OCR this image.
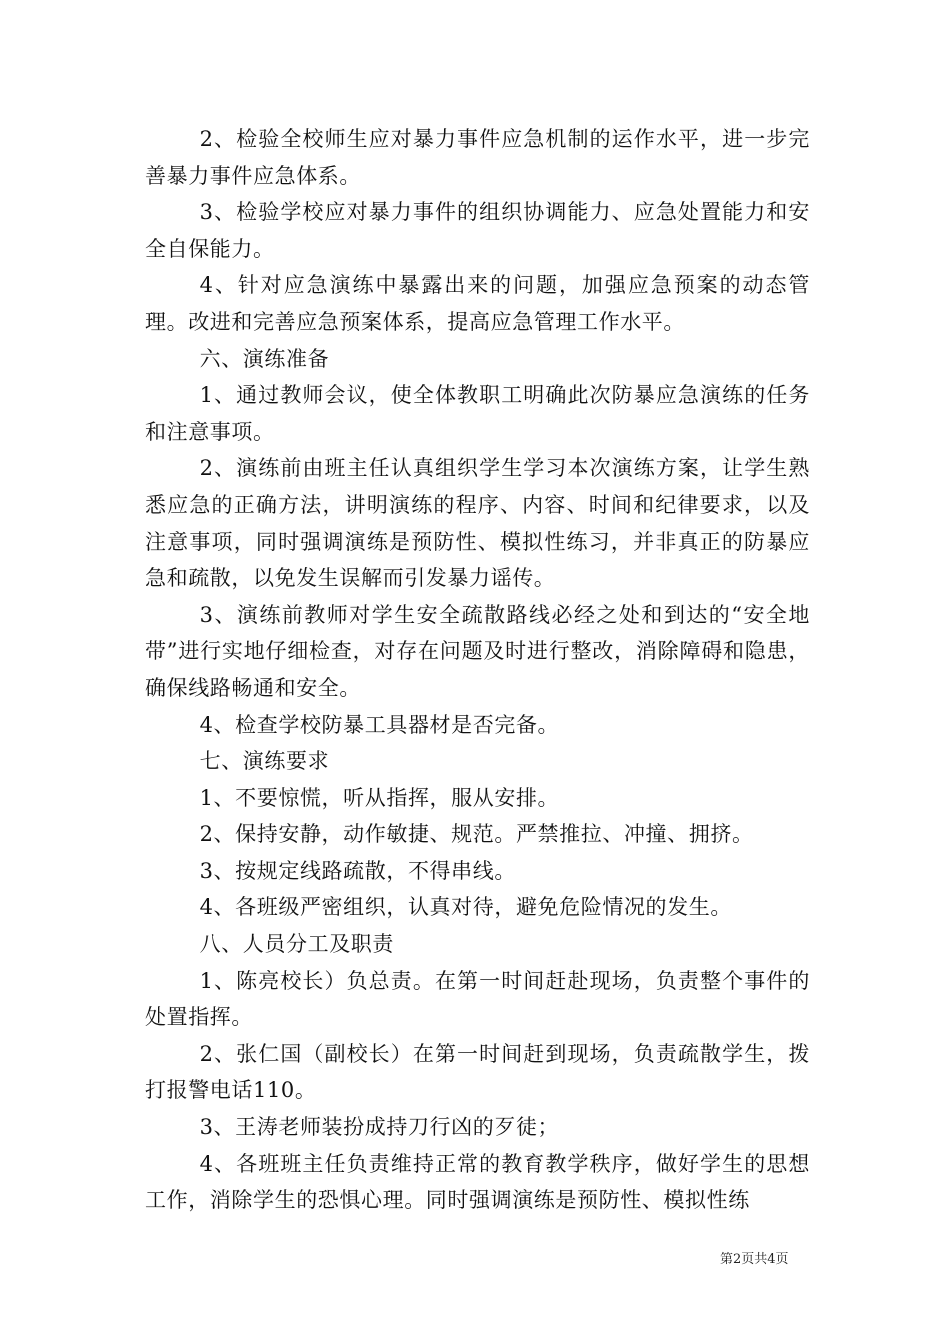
2、检验全校师生应对暴力事件应急机制的运作水平，进一步完善暴力事件应急体系。

3、检验学校应对暴力事件的组织协调能力、应急处置能力和安全自保能力。

4、针对应急演练中暴露出来的问题，加强应急预案的动态管理。改进和完善应急预案体系，提高应急管理工作水平。

六、演练准备

1、通过教师会议，使全体教职工明确此次防暴应急演练的任务和注意事项。

2、演练前由班主任认真组织学生学习本次演练方案，让学生熟悉应急的正确方法，讲明演练的程序、内容、时间和纪律要求，以及注意事项，同时强调演练是预防性、模拟性练习，并非真正的防暴应急和疏散，以免发生误解而引发暴力谣传。

3、演练前教师对学生安全疏散路线必经之处和到达的“安全地带”进行实地仔细检查，对存在问题及时进行整改，消除障碍和隐患，确保线路畅通和安全。

4、检查学校防暴工具器材是否完备。

七、演练要求

1、不要惊慌，听从指挥，服从安排。

2、保持安静，动作敏捷、规范。严禁推拉、冲撞、拥挤。

3、按规定线路疏散，不得串线。

4、各班级严密组织，认真对待，避免危险情况的发生。

八、人员分工及职责

1、陈亮校长）负总责。在第一时间赶赴现场，负责整个事件的处置指挥。

2、张仁国（副校长）在第一时间赶到现场，负责疏散学生，拨打报警电话110。

3、王涛老师装扮成持刀行凶的歹徒；

4、各班班主任负责维持正常的教育教学秩序，做好学生的思想工作，消除学生的恐惧心理。同时强调演练是预防性、模拟性练

第2页共4页
